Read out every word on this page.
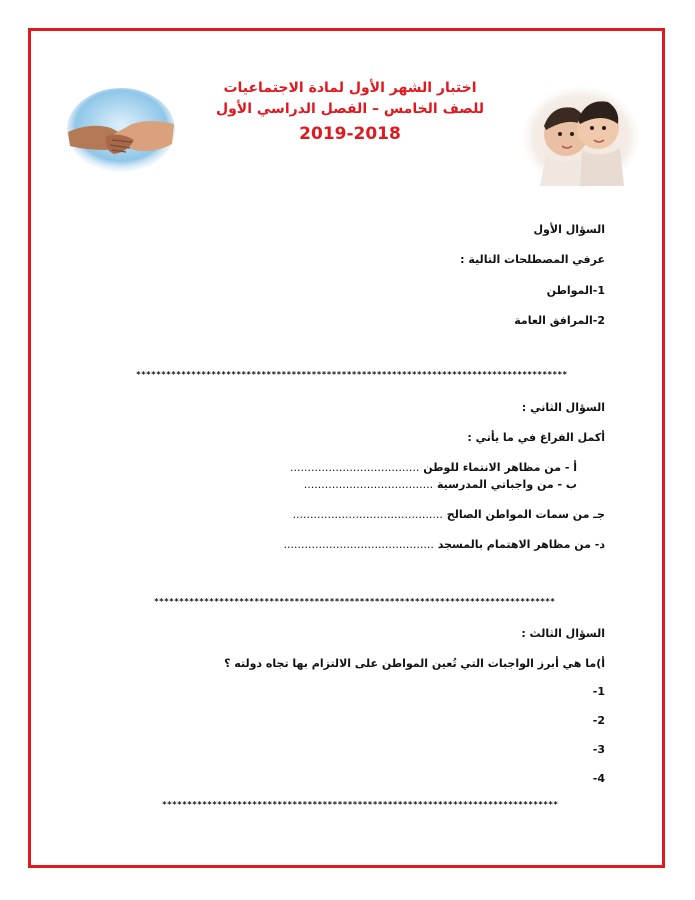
اختبار الشهر الأول لمادة الاجتماعيات
للصف الخامس – الفصل الدراسي الأول
2019-2018
السؤال الأول
عرفي المصطلحات التالية :
1-المواطن
2-المرافق العامة
**************************************************************************************
السؤال الثاني :
أكمل الفراغ في ما يأتي :
أ - من مظاهر الانتماء للوطن .....................................
ب - من واجباتي المدرسية .....................................
جـ من سمات المواطن الصالح ...........................................
د- من مظاهر الاهتمام بالمسجد ...........................................
********************************************************************************
السؤال الثالث :
أ)ما هي أبرز الواجبات التي تُعين المواطن على الالتزام بها تجاه دولته ؟
-1
-2
-3
-4
*******************************************************************************
